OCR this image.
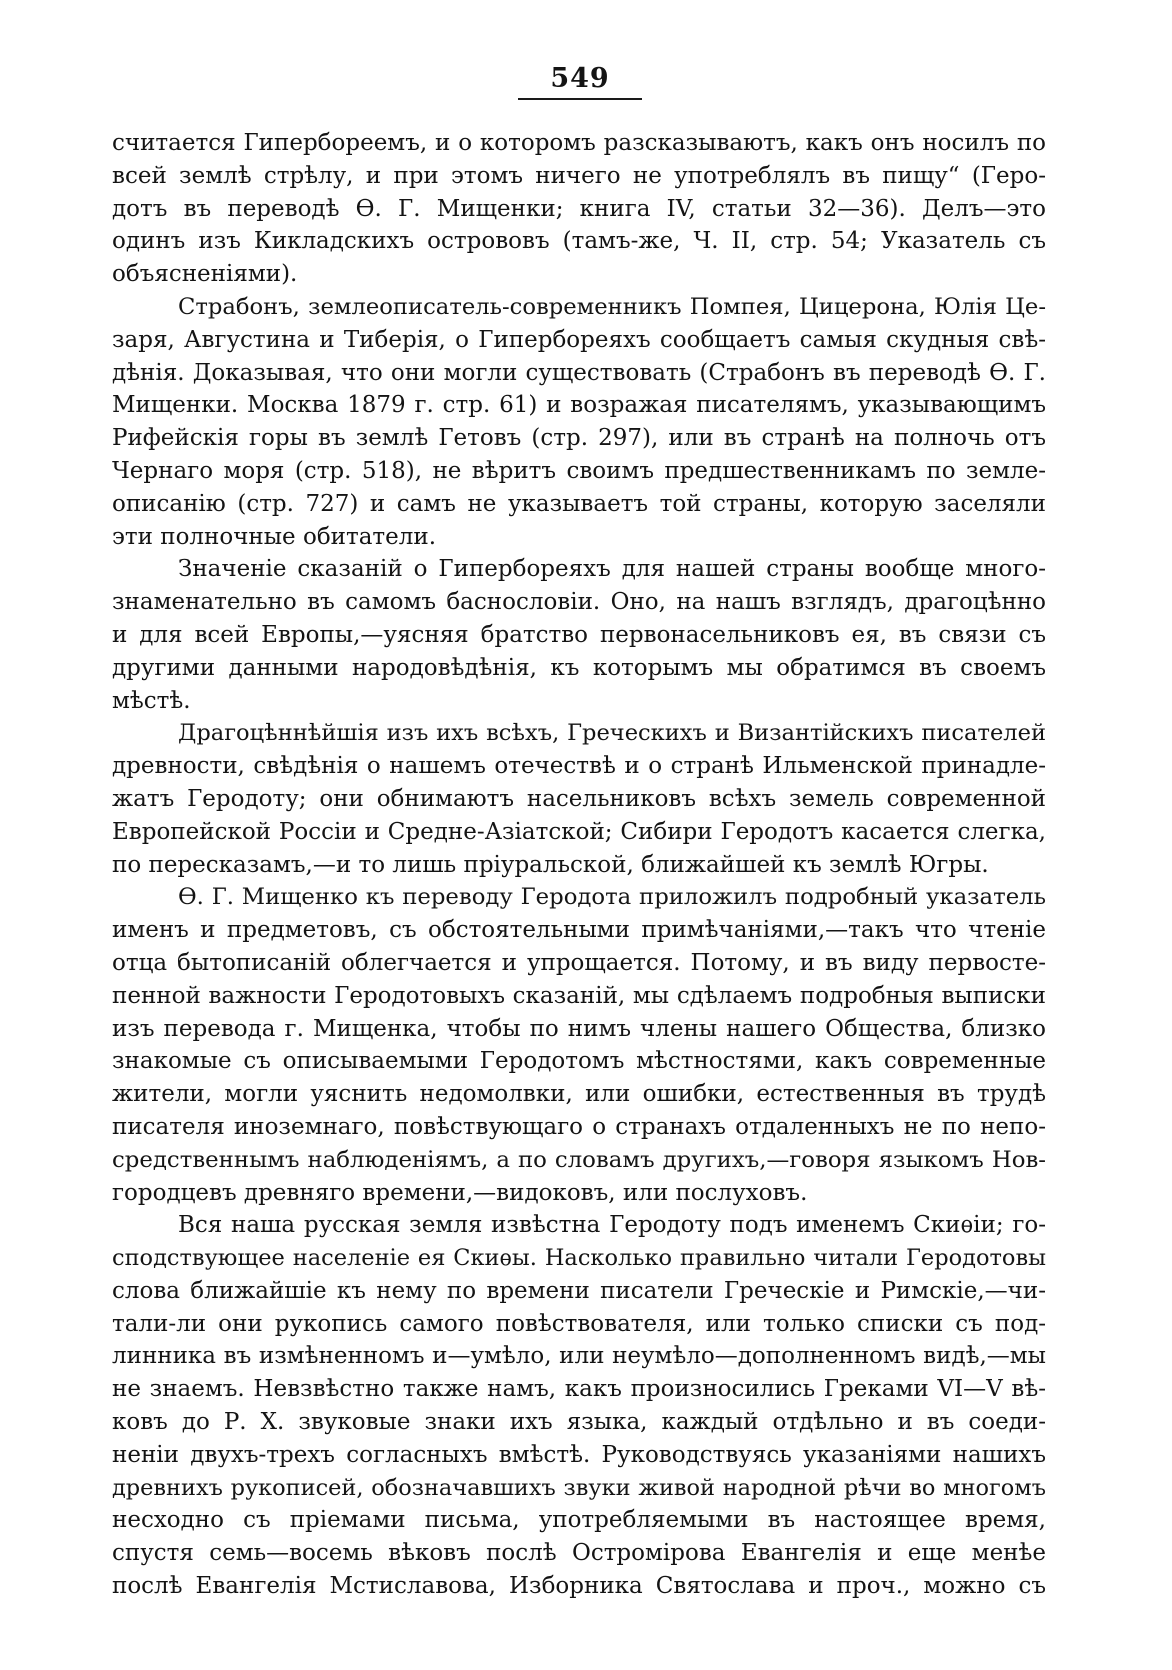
549
считается Гипербореемъ, и о которомъ разсказываютъ, какъ онъ носилъ по
всей землѣ стрѣлу, и при этомъ ничего не употреблялъ въ пищу“ (Геро-
дотъ въ переводѣ Ѳ. Г. Мищенки; книга IV, статьи 32—36). Делъ—это
одинъ изъ Кикладскихъ острововъ (тамъ-же, Ч. II, стр. 54; Указатель съ
объясненіями).
Страбонъ, землеописатель-современникъ Помпея, Цицерона, Юлія Це-
заря, Августина и Тиберія, о Гипербореяхъ сообщаетъ самыя скудныя свѣ-
дѣнія. Доказывая, что они могли существовать (Страбонъ въ переводѣ Ѳ. Г.
Мищенки. Москва 1879 г. стр. 61) и возражая писателямъ, указывающимъ
Рифейскія горы въ землѣ Гетовъ (стр. 297), или въ странѣ на полночь отъ
Чернаго моря (стр. 518), не вѣритъ своимъ предшественникамъ по земле-
описанію (стр. 727) и самъ не указываетъ той страны, которую заселяли
эти полночные обитатели.
Значеніе сказаній о Гипербореяхъ для нашей страны вообще много-
знаменательно въ самомъ баснословіи. Оно, на нашъ взглядъ, драгоцѣнно
и для всей Европы,—уясняя братство первонасельниковъ ея, въ связи съ
другими данными народовѣдѣнія, къ которымъ мы обратимся въ своемъ
мѣстѣ.
Драгоцѣннѣйшія изъ ихъ всѣхъ, Греческихъ и Византійскихъ писателей
древности, свѣдѣнія о нашемъ отечествѣ и о странѣ Ильменской принадле-
жатъ Геродоту; они обнимаютъ насельниковъ всѣхъ земель современной
Европейской Россіи и Средне-Азіатской; Сибири Геродотъ касается слегка,
по пересказамъ,—и то лишь пріуральской, ближайшей къ землѣ Югры.
Ѳ. Г. Мищенко къ переводу Геродота приложилъ подробный указатель
именъ и предметовъ, съ обстоятельными примѣчаніями,—такъ что чтеніе
отца бытописаній облегчается и упрощается. Потому, и въ виду первосте-
пенной важности Геродотовыхъ сказаній, мы сдѣлаемъ подробныя выписки
изъ перевода г. Мищенка, чтобы по нимъ члены нашего Общества, близко
знакомые съ описываемыми Геродотомъ мѣстностями, какъ современные
жители, могли уяснить недомолвки, или ошибки, естественныя въ трудѣ
писателя иноземнаго, повѣствующаго о странахъ отдаленныхъ не по непо-
средственнымъ наблюденіямъ, а по словамъ другихъ,—говоря языкомъ Нов-
городцевъ древняго времени,—видоковъ, или послуховъ.
Вся наша русская земля извѣстна Геродоту подъ именемъ Скиѳіи; го-
сподствующее населеніе ея Скиѳы. Насколько правильно читали Геродотовы
слова ближайшіе къ нему по времени писатели Греческіе и Римскіе,—чи-
тали-ли они рукопись самого повѣствователя, или только списки съ под-
линника въ измѣненномъ и—умѣло, или неумѣло—дополненномъ видѣ,—мы
не знаемъ. Невзвѣстно также намъ, какъ произносились Греками VI—V вѣ-
ковъ до Р. Х. звуковые знаки ихъ языка, каждый отдѣльно и въ соеди-
неніи двухъ-трехъ согласныхъ вмѣстѣ. Руководствуясь указаніями нашихъ
древнихъ рукописей, обозначавшихъ звуки живой народной рѣчи во многомъ
несходно съ пріемами письма, употребляемыми въ настоящее время,
спустя семь—восемь вѣковъ послѣ Остромірова Евангелія и еще менѣе
послѣ Евангелія Мстиславова, Изборника Святослава и проч., можно съ
